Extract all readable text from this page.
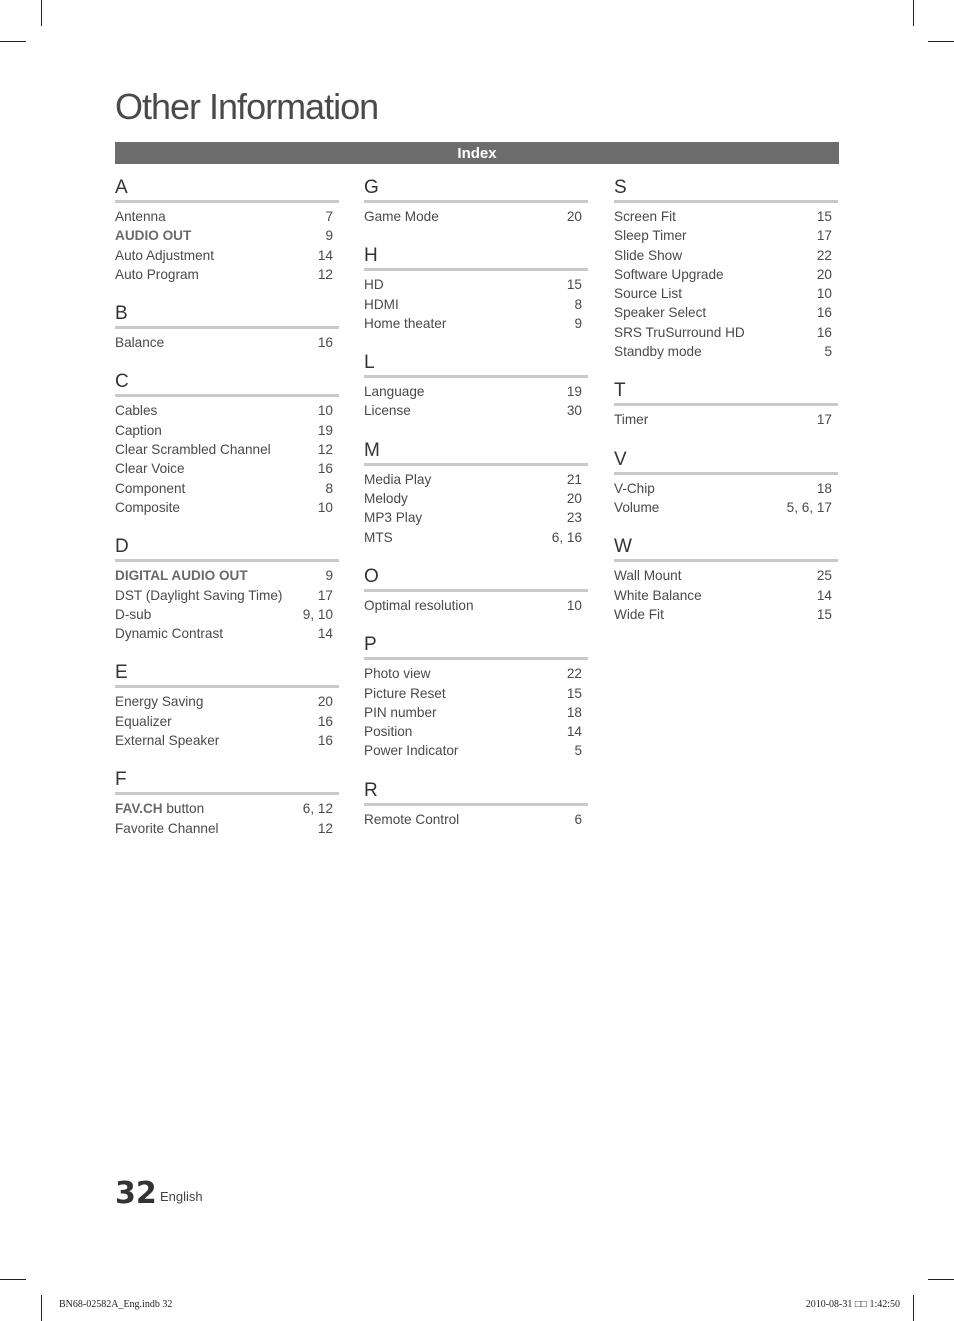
Other Information
Index
A
Antenna	7
AUDIO OUT	9
Auto Adjustment	14
Auto Program	12
B
Balance	16
C
Cables	10
Caption	19
Clear Scrambled Channel	12
Clear Voice	16
Component	8
Composite	10
D
DIGITAL AUDIO OUT	9
DST (Daylight Saving Time)	17
D-sub	9, 10
Dynamic Contrast	14
E
Energy Saving	20
Equalizer	16
External Speaker	16
F
FAV.CH button	6, 12
Favorite Channel	12
G
Game Mode	20
H
HD	15
HDMI	8
Home theater	9
L
Language	19
License	30
M
Media Play	21
Melody	20
MP3 Play	23
MTS	6, 16
O
Optimal resolution	10
P
Photo view	22
Picture Reset	15
PIN number	18
Position	14
Power Indicator	5
R
Remote Control	6
S
Screen Fit	15
Sleep Timer	17
Slide Show	22
Software Upgrade	20
Source List	10
Speaker Select	16
SRS TruSurround HD	16
Standby mode	5
T
Timer	17
V
V-Chip	18
Volume	5, 6, 17
W
Wall Mount	25
White Balance	14
Wide Fit	15
32 English
BN68-02582A_Eng.indb 32	2010-08-31 □□ 1:42:50
